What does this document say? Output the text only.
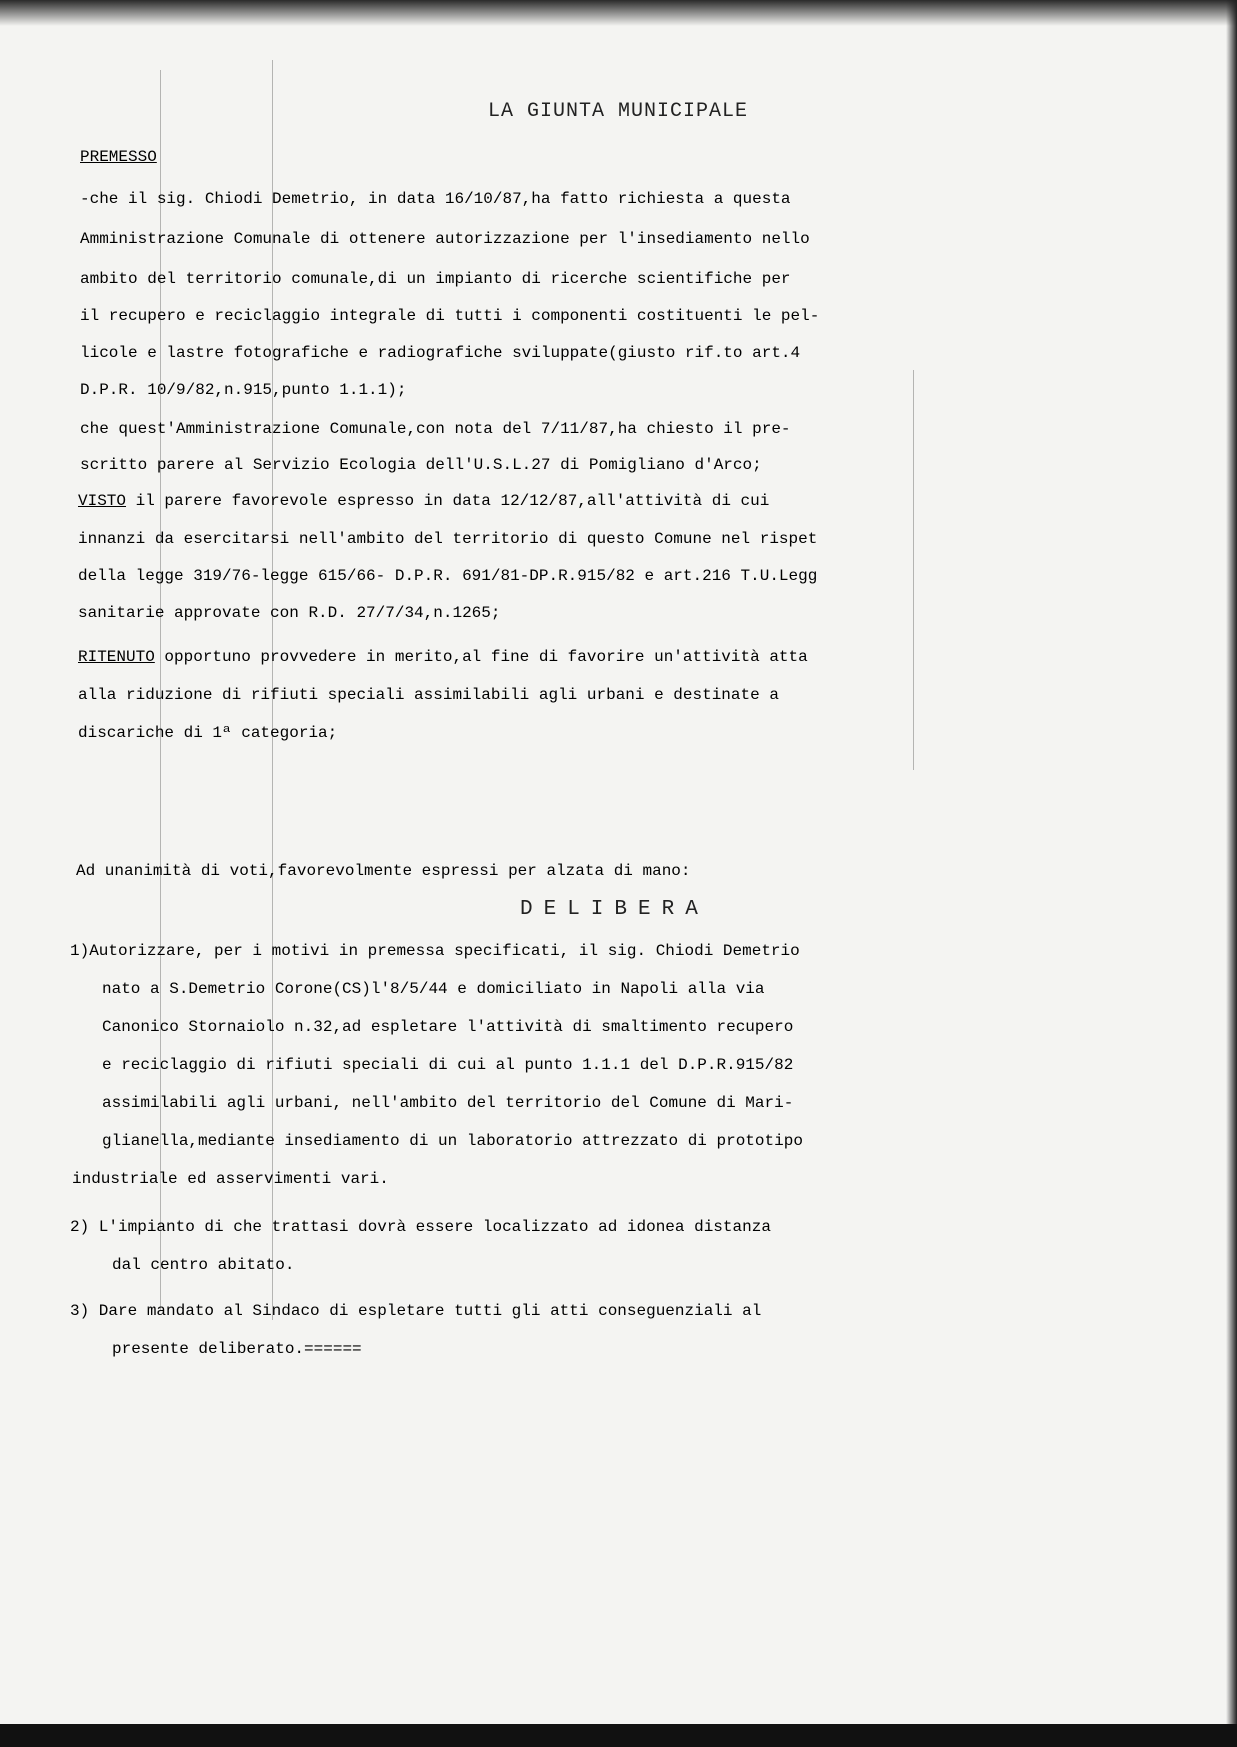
LA GIUNTA MUNICIPALE
PREMESSO
-che il sig. Chiodi Demetrio, in data 16/10/87,ha fatto richiesta a questa
Amministrazione Comunale di ottenere autorizzazione per l'insediamento nello
ambito del territorio comunale,di un impianto di ricerche scientifiche per
il recupero e reciclaggio integrale di tutti i componenti costituenti le pel-
licole e lastre fotografiche e radiografiche sviluppate(giusto rif.to art.4
D.P.R. 10/9/82,n.915,punto 1.1.1);
che quest'Amministrazione Comunale,con nota del 7/11/87,ha chiesto il pre-
scritto parere al Servizio Ecologia dell'U.S.L.27 di Pomigliano d'Arco;
VISTO il parere favorevole espresso in data 12/12/87,all'attività di cui
innanzi da esercitarsi nell'ambito del territorio di questo Comune nel rispet
della legge 319/76-legge 615/66- D.P.R. 691/81-DP.R.915/82 e art.216 T.U.Legg
sanitarie approvate con R.D. 27/7/34,n.1265;
RITENUTO opportuno provvedere in merito,al fine di favorire un'attività atta
alla riduzione di rifiuti speciali assimilabili agli urbani e destinate a
discariche di 1ª categoria;
Ad unanimità di voti,favorevolmente espressi per alzata di mano:
DELIBERA
1)Autorizzare, per i motivi in premessa specificati, il sig. Chiodi Demetrio
nato a S.Demetrio Corone(CS)l'8/5/44 e domiciliato in Napoli alla via
Canonico Stornaiolo n.32,ad espletare l'attività di smaltimento recupero
e reciclaggio di rifiuti speciali di cui al punto 1.1.1 del D.P.R.915/82
assimilabili agli urbani, nell'ambito del territorio del Comune di Mari-
glianella,mediante insediamento di un laboratorio attrezzato di prototipo
industriale ed asservimenti vari.
2) L'impianto di che trattasi dovrà essere localizzato ad idonea distanza
dal centro abitato.
3) Dare mandato al Sindaco di espletare tutti gli atti conseguenziali al
presente deliberato.======
